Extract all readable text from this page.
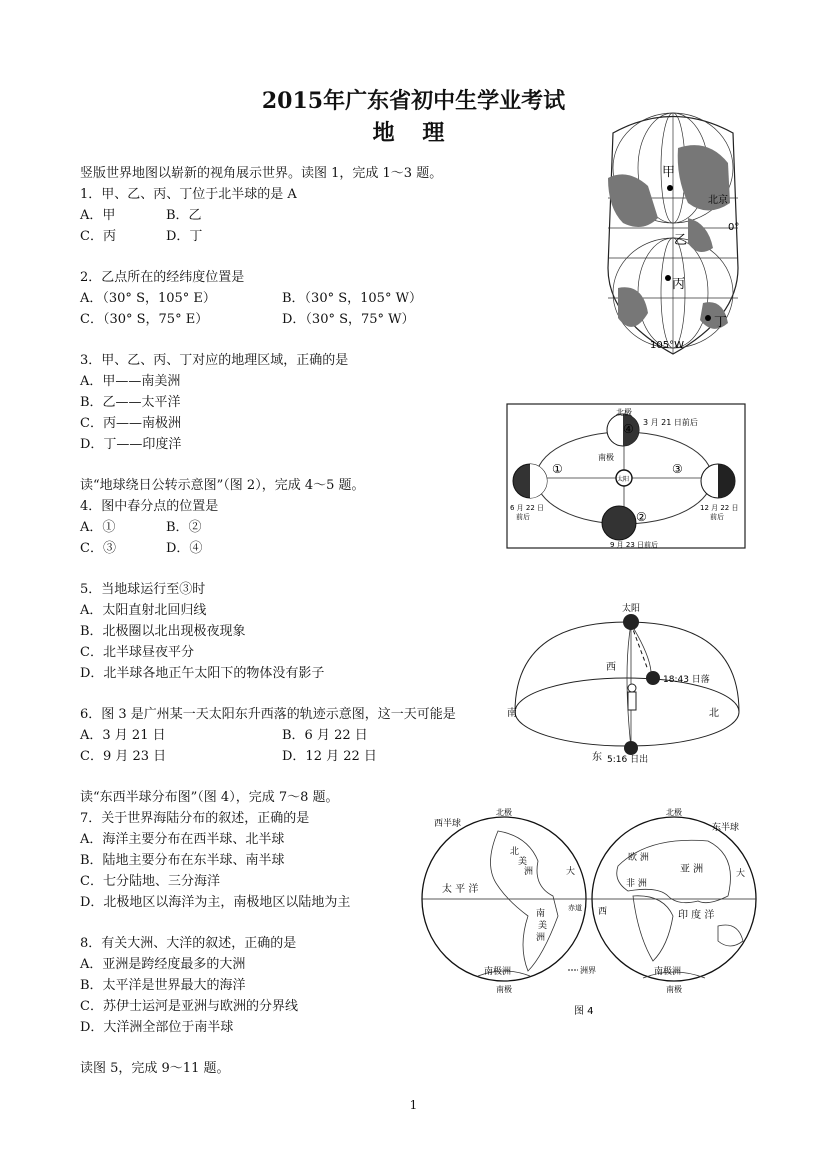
2015年广东省初中生学业考试
地 理
甲
乙
丙
丁
北京
0°
105°W
竖版世界地图以崭新的视角展示世界。读图 1，完成 1～3 题。
1．甲、乙、丙、丁位于北半球的是 A
A．甲	B．乙
C．丙	D．丁
2．乙点所在的经纬度位置是
A．（30° S，105° E）	B．（30° S，105° W）
C．（30° S，75° E）	D．（30° S，75° W）
3．甲、乙、丙、丁对应的地理区域，正确的是
A．甲——南美洲
B．乙——太平洋
C．丙——南极洲
D．丁——印度洋
太阳
北极
南极
3 月 21 日前后
①
②
③
④
6 月 22 日
前后
12 月 22 日
前后
9 月 23 日前后
读“地球绕日公转示意图”（图 2），完成 4～5 题。
4．图中春分点的位置是
A．①	B．②
C．③	D．④
5．当地球运行至③时
A．太阳直射北回归线
B．北极圈以北出现极夜现象
C．北半球昼夜平分
D．北半球各地正午太阳下的物体没有影子
太阳
西
南	北
东
18:43 日落
5:16 日出
6．图 3 是广州某一天太阳东升西落的轨迹示意图，这一天可能是
A．3 月 21 日	B．6 月 22 日
C．9 月 23 日	D．12 月 22 日
西半球	东半球
北极	北极
南极	南极
太 平 洋
北
美
洲
南
美
洲
南极洲	南极洲
亚 洲
欧 洲
非 洲
印 度 洋
大	大
西
赤道
洲界
图 4
读“东西半球分布图”（图 4），完成 7～8 题。
7．关于世界海陆分布的叙述，正确的是
A．海洋主要分布在西半球、北半球
B．陆地主要分布在东半球、南半球
C．七分陆地、三分海洋
D．北极地区以海洋为主，南极地区以陆地为主
8．有关大洲、大洋的叙述，正确的是
A．亚洲是跨经度最多的大洲
B．太平洋是世界最大的海洋
C．苏伊士运河是亚洲与欧洲的分界线
D．大洋洲全部位于南半球
读图 5，完成 9～11 题。
1
